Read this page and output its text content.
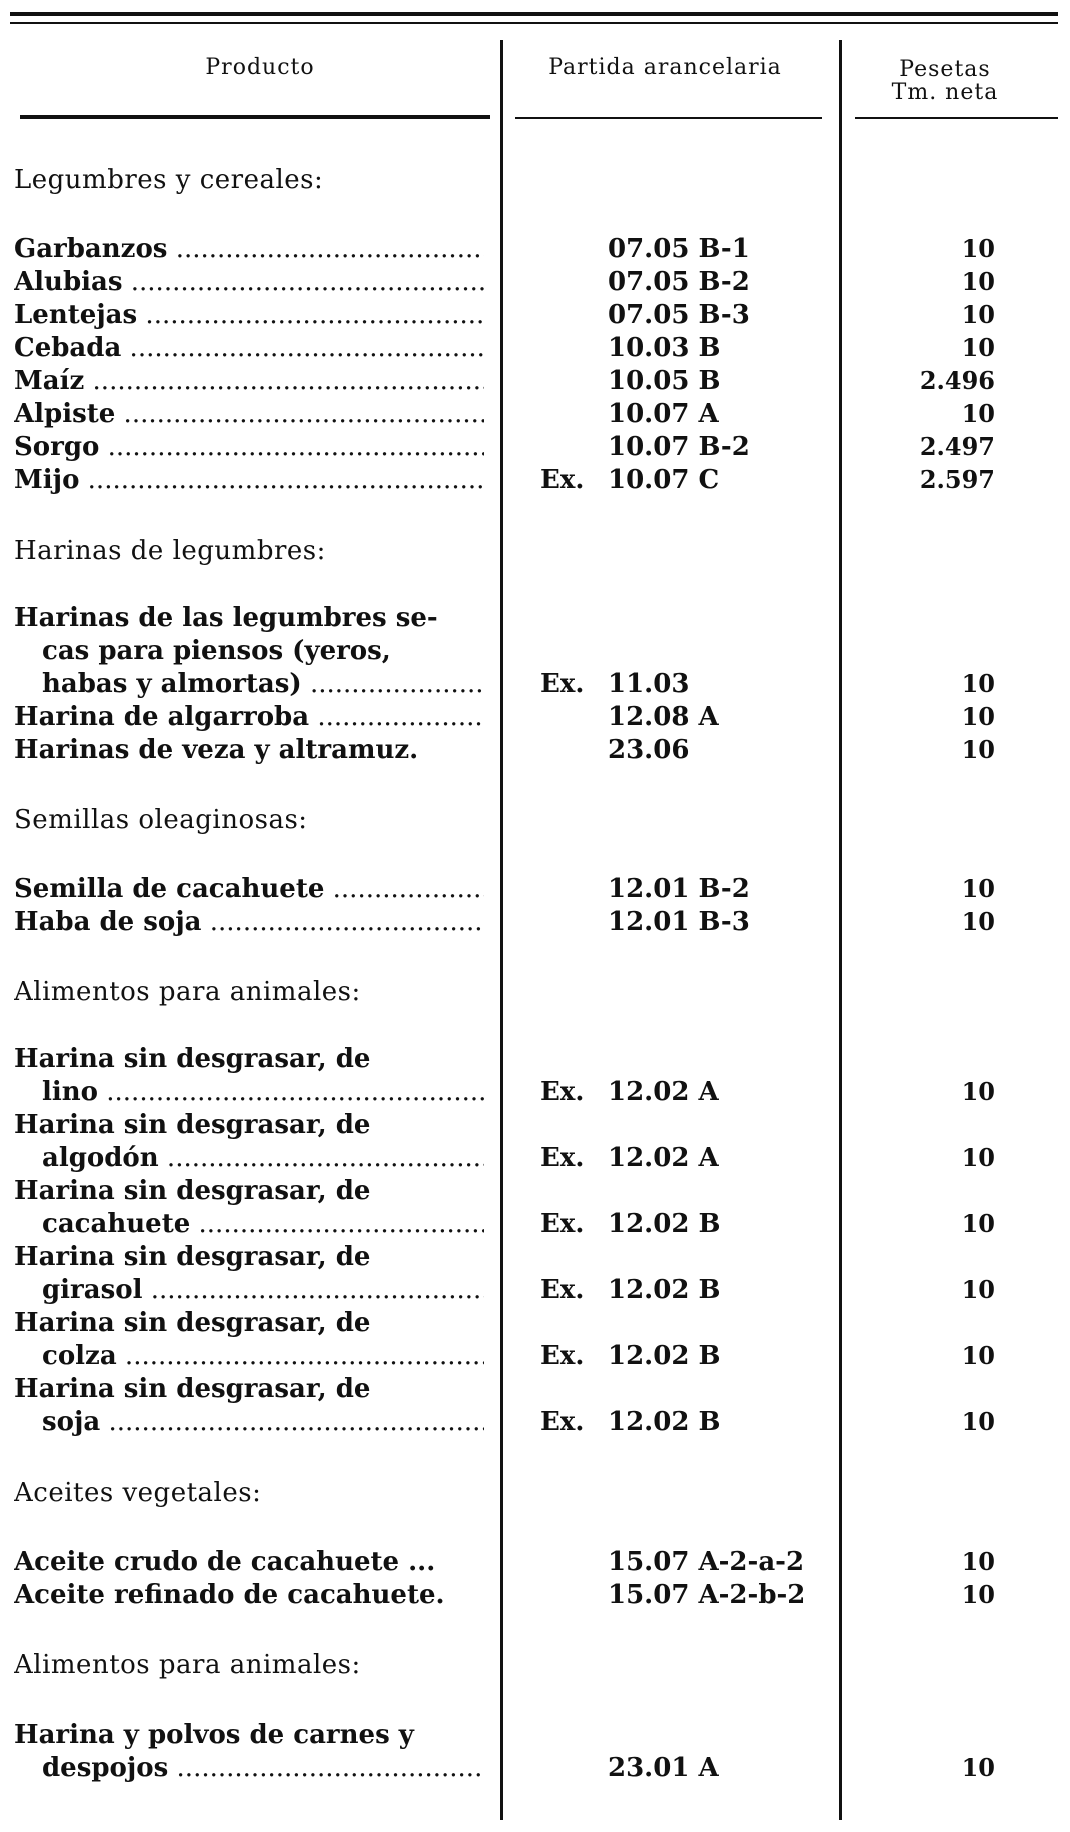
Producto	Partida arancelaria	Pesetas
Tm. neta
Legumbres y cereales:
Garbanzos .....	07.05 B-1	10
Alubias .....	07.05 B-2	10
Lentejas .....	07.05 B-3	10
Cebada .....	10.03 B	10
Maíz .....	10.05 B	2.496
Alpiste .....	10.07 A	10
Sorgo .....	10.07 B-2	2.497
Mijo .....	Ex. 10.07 C	2.597
Harinas de legumbres:
Harinas de las legumbres se-
cas para piensos (yeros,
habas y almortas) .....	Ex. 11.03	10
Harina de algarroba .....	12.08 A	10
Harinas de veza y altramuz.	23.06	10
Semillas oleaginosas:
Semilla de cacahuete .....	12.01 B-2	10
Haba de soja .....	12.01 B-3	10
Alimentos para animales:
Harina sin desgrasar, de
lino .....	Ex. 12.02 A	10
Harina sin desgrasar, de
algodón .....	Ex. 12.02 A	10
Harina sin desgrasar, de
cacahuete .....	Ex. 12.02 B	10
Harina sin desgrasar, de
girasol .....	Ex. 12.02 B	10
Harina sin desgrasar, de
colza .....	Ex. 12.02 B	10
Harina sin desgrasar, de
soja .....	Ex. 12.02 B	10
Aceites vegetales:
Aceite crudo de cacahuete ...	15.07 A-2-a-2	10
Aceite refinado de cacahuete.	15.07 A-2-b-2	10
Alimentos para animales:
Harina y polvos de carnes y
despojos .....	23.01 A	10
